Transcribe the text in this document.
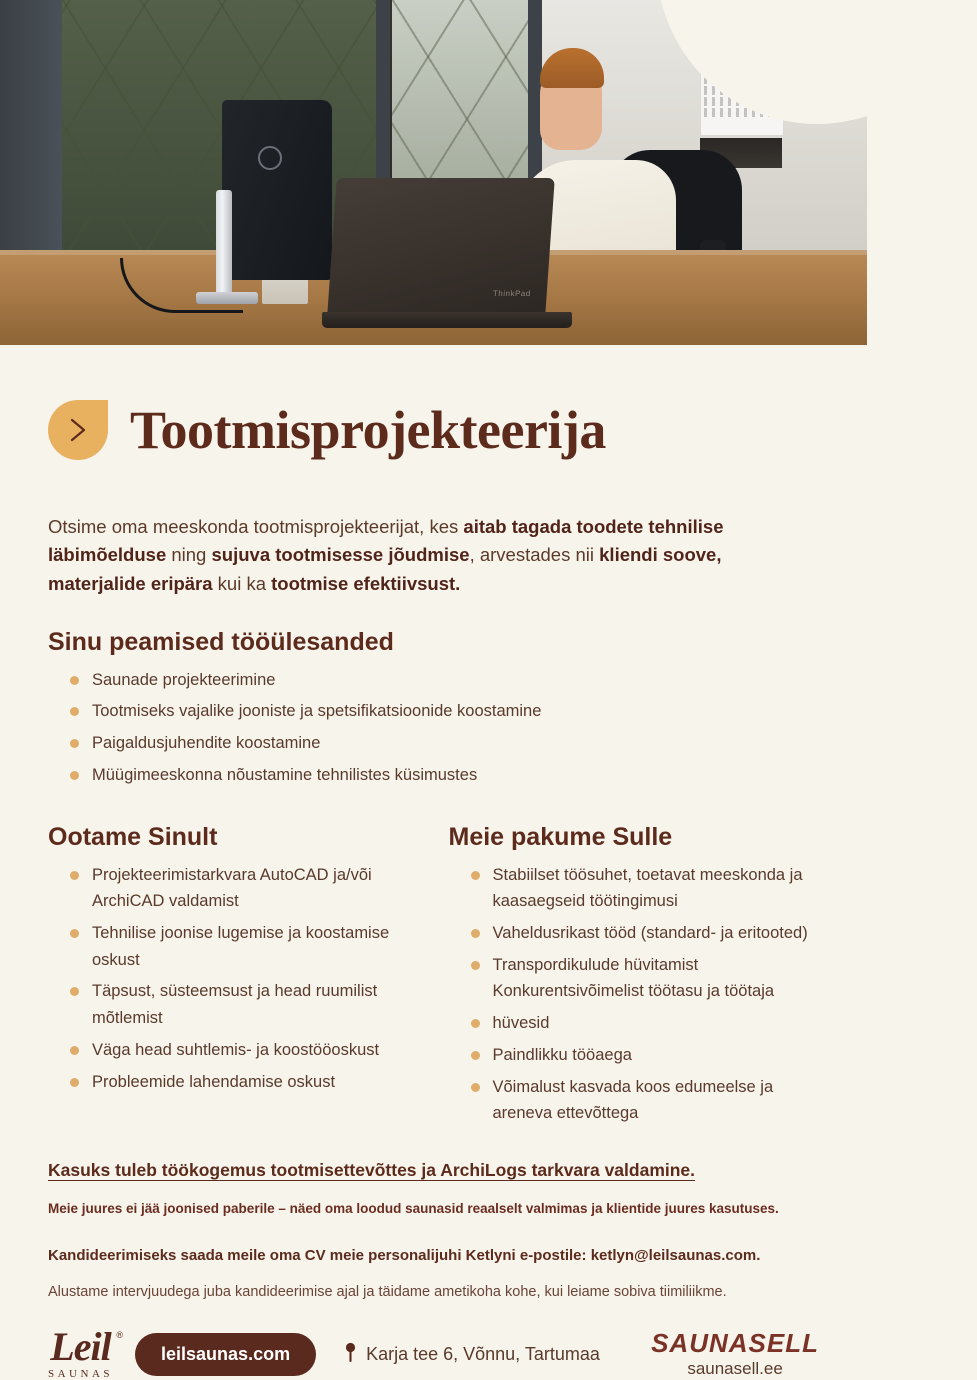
ThinkPad
Tootmisprojekteerija

Otsime oma meeskonda tootmisprojekteerijat, kes aitab tagada toodete tehnilise läbimõelduse ning sujuva tootmisesse jõudmise, arvestades nii kliendi soove, materjalide eripära kui ka tootmise efektiivsust.

Sinu peamised tööülesanded
Saunade projekteerimine
Tootmiseks vajalike jooniste ja spetsifikatsioonide koostamine
Paigaldusjuhendite koostamine
Müügimeeskonna nõustamine tehnilistes küsimustes
Ootame Sinult
Projekteerimistarkvara AutoCAD ja/või ArchiCAD valdamist
Tehnilise joonise lugemise ja koostamise oskust
Täpsust, süsteemsust ja head ruumilist mõtlemist
Väga head suhtlemis- ja koostööoskust
Probleemide lahendamise oskust
Meie pakume Sulle
Stabiilset töösuhet, toetavat meeskonda ja kaasaegseid töötingimusi
Vaheldusrikast tööd (standard- ja eritooted)
Transpordikulude hüvitamist Konkurentsivõimelist töötasu ja töötaja
hüvesid
Paindlikku tööaega
Võimalust kasvada koos edumeelse ja areneva ettevõttega

Kasuks tuleb töökogemus tootmisettevõttes ja ArchiLogs tarkvara valdamine.

Meie juures ei jää joonised paberile – näed oma loodud saunasid reaalselt valmimas ja klientide juures kasutuses.

Kandideerimiseks saada meile oma CV meie personalijuhi Ketlyni e-postile: ketlyn@leilsaunas.com.

Alustame intervjuudega juba kandideerimise ajal ja täidame ametikoha kohe, kui leiame sobiva tiimiliikme.

Leil ®
SAUNAS
leilsaunas.com	Karja tee 6, Võnnu, Tartumaa SAUNASELL
saunasell.ee
